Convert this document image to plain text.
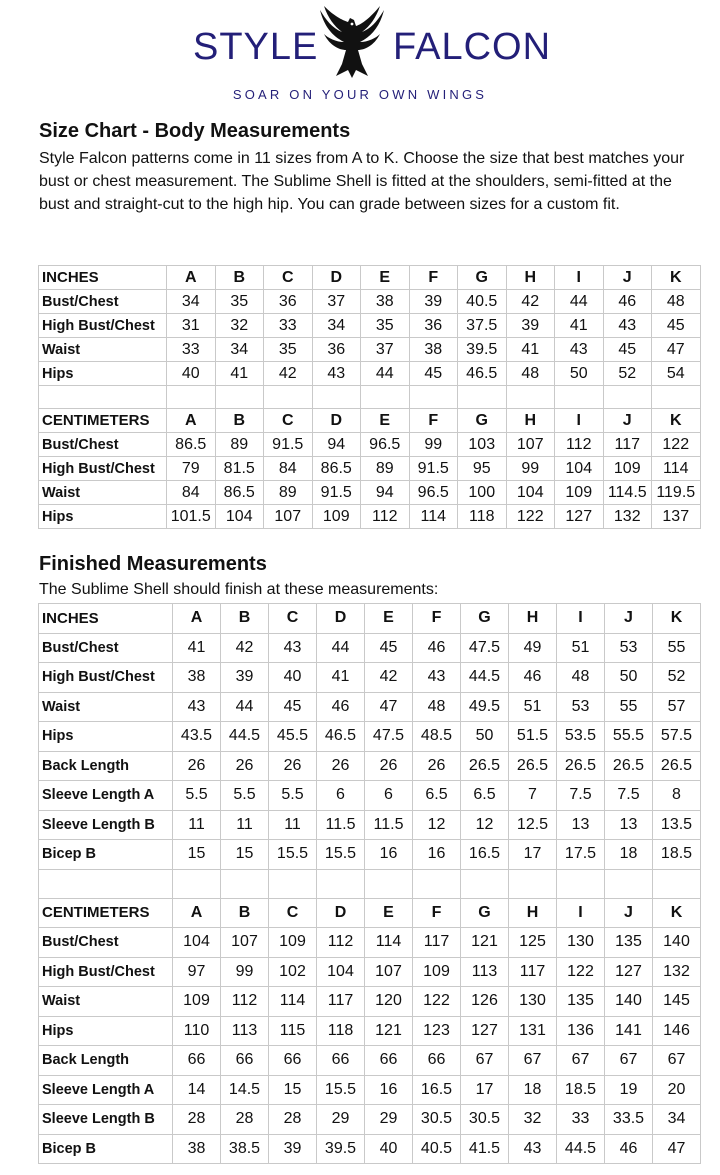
STYLE FALCON
SOAR ON YOUR OWN WINGS
Size Chart - Body Measurements

Style Falcon patterns come in 11 sizes from A to K. Choose the size that best matches your bust or chest measurement. The Sublime Shell is fitted at the shoulders, semi-fitted at the bust and straight-cut to the high hip. You can grade between sizes for a custom fit.

INCHES	A	B	C	D	E	F	G	H	I	J	K
Bust/Chest	34	35	36	37	38	39	40.5	42	44	46	48
High Bust/Chest	31	32	33	34	35	36	37.5	39	41	43	45
Waist	33	34	35	36	37	38	39.5	41	43	45	47
Hips	40	41	42	43	44	45	46.5	48	50	52	54

CENTIMETERS	A	B	C	D	E	F	G	H	I	J	K
Bust/Chest	86.5	89	91.5	94	96.5	99	103	107	112	117	122
High Bust/Chest	79	81.5	84	86.5	89	91.5	95	99	104	109	114
Waist	84	86.5	89	91.5	94	96.5	100	104	109	114.5	119.5
Hips	101.5	104	107	109	112	114	118	122	127	132	137
Finished Measurements

The Sublime Shell should finish at these measurements:

INCHES	A	B	C	D	E	F	G	H	I	J	K
Bust/Chest	41	42	43	44	45	46	47.5	49	51	53	55
High Bust/Chest	38	39	40	41	42	43	44.5	46	48	50	52
Waist	43	44	45	46	47	48	49.5	51	53	55	57
Hips	43.5	44.5	45.5	46.5	47.5	48.5	50	51.5	53.5	55.5	57.5
Back Length	26	26	26	26	26	26	26.5	26.5	26.5	26.5	26.5
Sleeve Length A	5.5	5.5	5.5	6	6	6.5	6.5	7	7.5	7.5	8
Sleeve Length B	11	11	11	11.5	11.5	12	12	12.5	13	13	13.5
Bicep B	15	15	15.5	15.5	16	16	16.5	17	17.5	18	18.5

CENTIMETERS	A	B	C	D	E	F	G	H	I	J	K
Bust/Chest	104	107	109	112	114	117	121	125	130	135	140
High Bust/Chest	97	99	102	104	107	109	113	117	122	127	132
Waist	109	112	114	117	120	122	126	130	135	140	145
Hips	110	113	115	118	121	123	127	131	136	141	146
Back Length	66	66	66	66	66	66	67	67	67	67	67
Sleeve Length A	14	14.5	15	15.5	16	16.5	17	18	18.5	19	20
Sleeve Length B	28	28	28	29	29	30.5	30.5	32	33	33.5	34
Bicep B	38	38.5	39	39.5	40	40.5	41.5	43	44.5	46	47
